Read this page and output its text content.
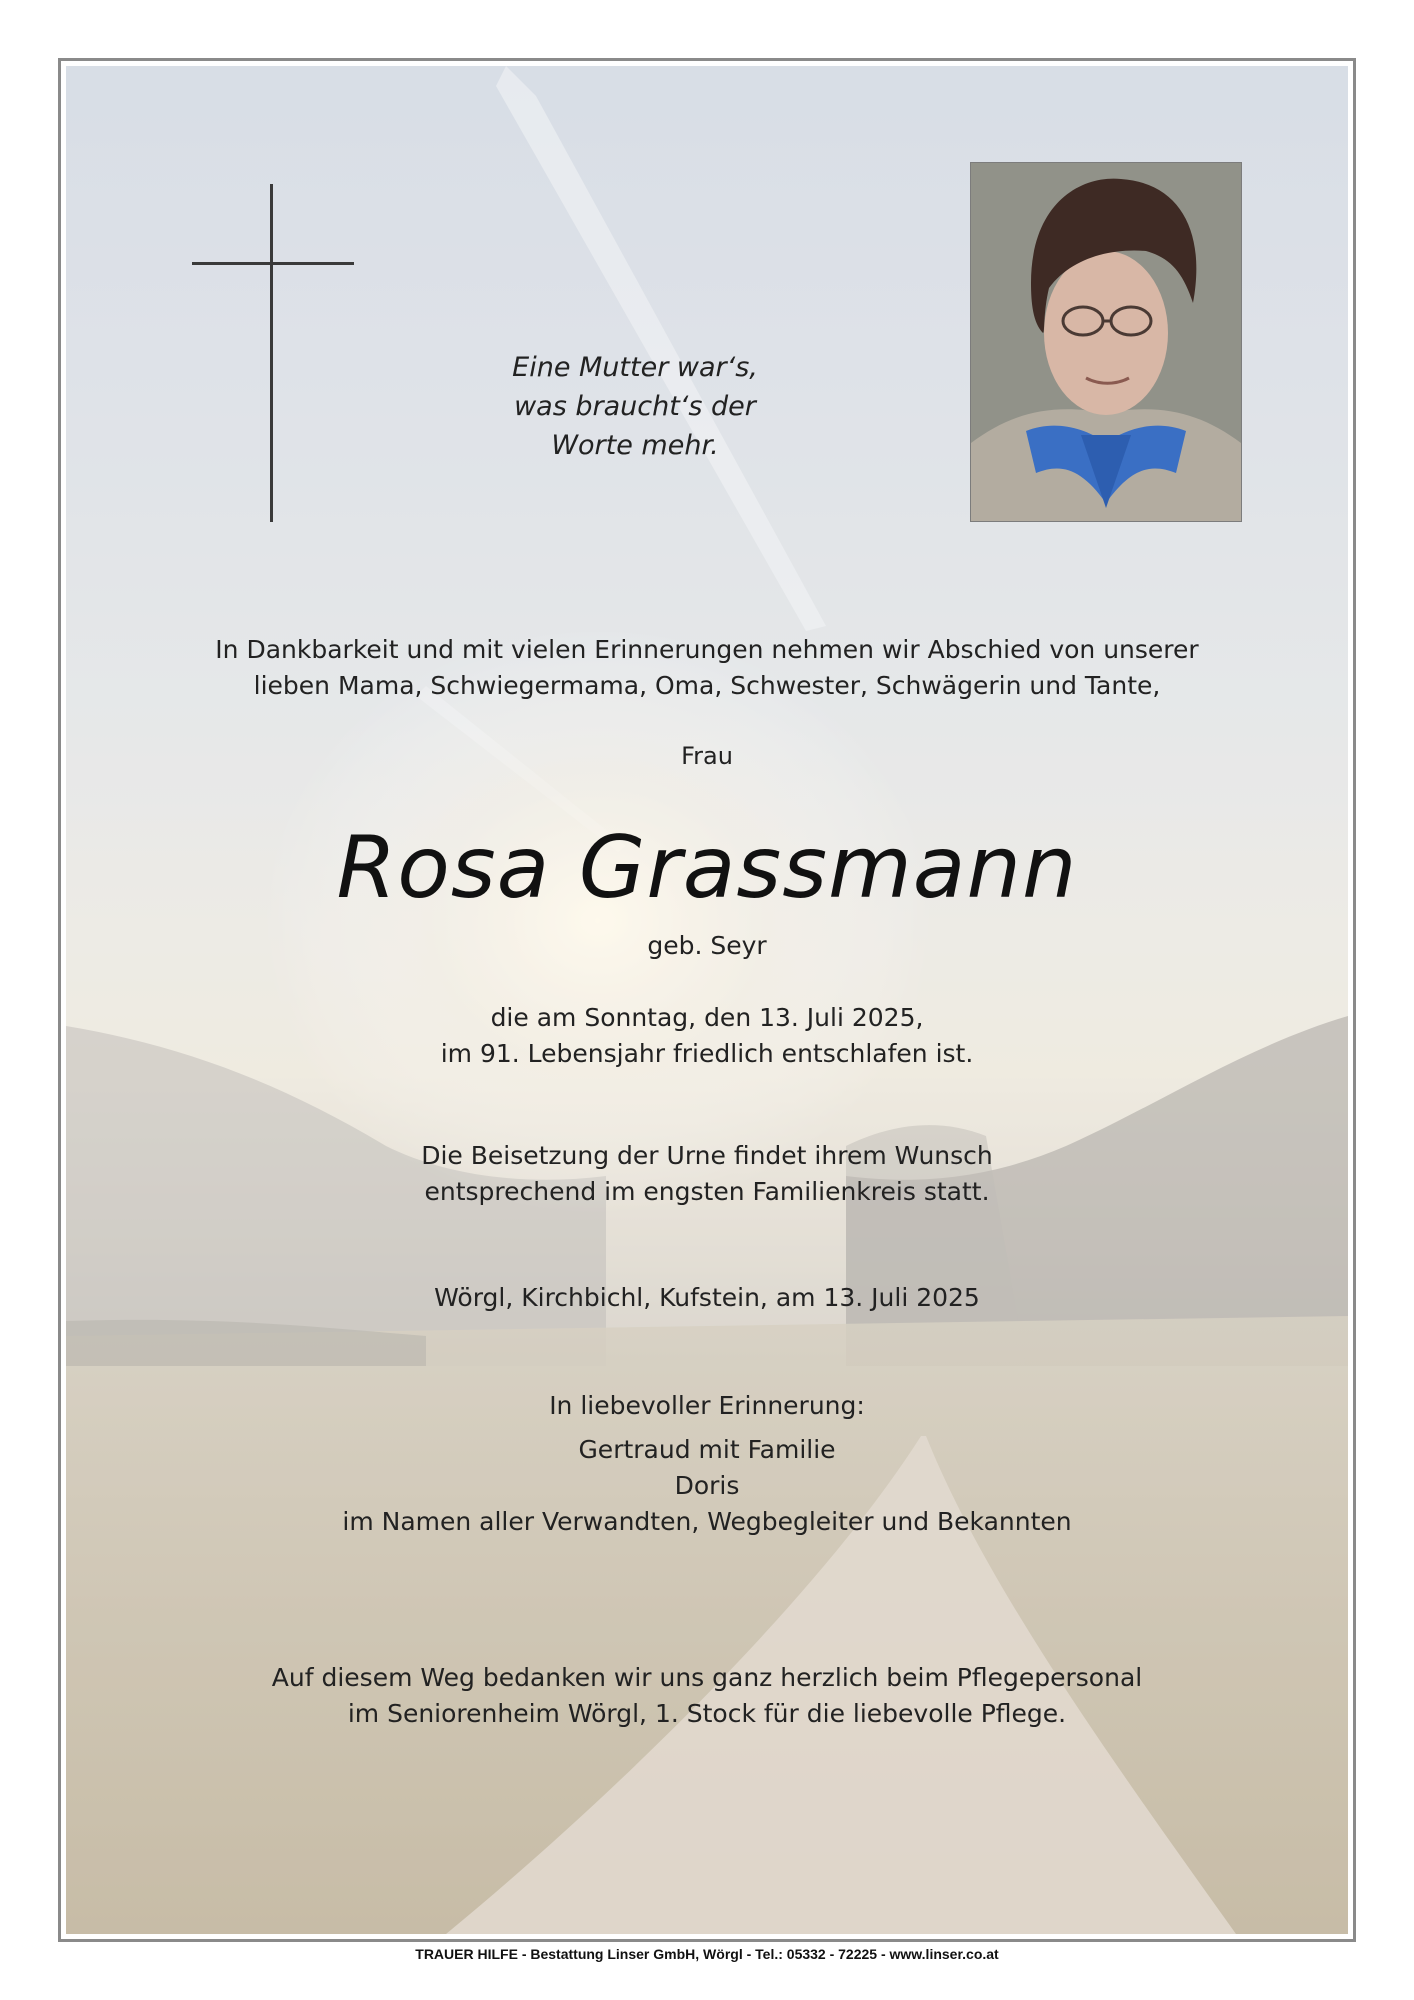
Eine Mutter war‘s,
was braucht‘s der
Worte mehr.
In Dankbarkeit und mit vielen Erinnerungen nehmen wir Abschied von unserer
lieben Mama, Schwiegermama, Oma, Schwester, Schwägerin und Tante,
Frau
Rosa Grassmann
geb. Seyr
die am Sonntag, den 13. Juli 2025,
im 91. Lebensjahr friedlich entschlafen ist.
Die Beisetzung der Urne findet ihrem Wunsch
entsprechend im engsten Familienkreis statt.
Wörgl, Kirchbichl, Kufstein, am 13. Juli 2025
In liebevoller Erinnerung:
Gertraud mit Familie
Doris
im Namen aller Verwandten, Wegbegleiter und Bekannten
Auf diesem Weg bedanken wir uns ganz herzlich beim Pflegepersonal
im Seniorenheim Wörgl, 1. Stock für die liebevolle Pflege.
TRAUER HILFE - Bestattung Linser GmbH, Wörgl - Tel.: 05332 - 72225 - www.linser.co.at
